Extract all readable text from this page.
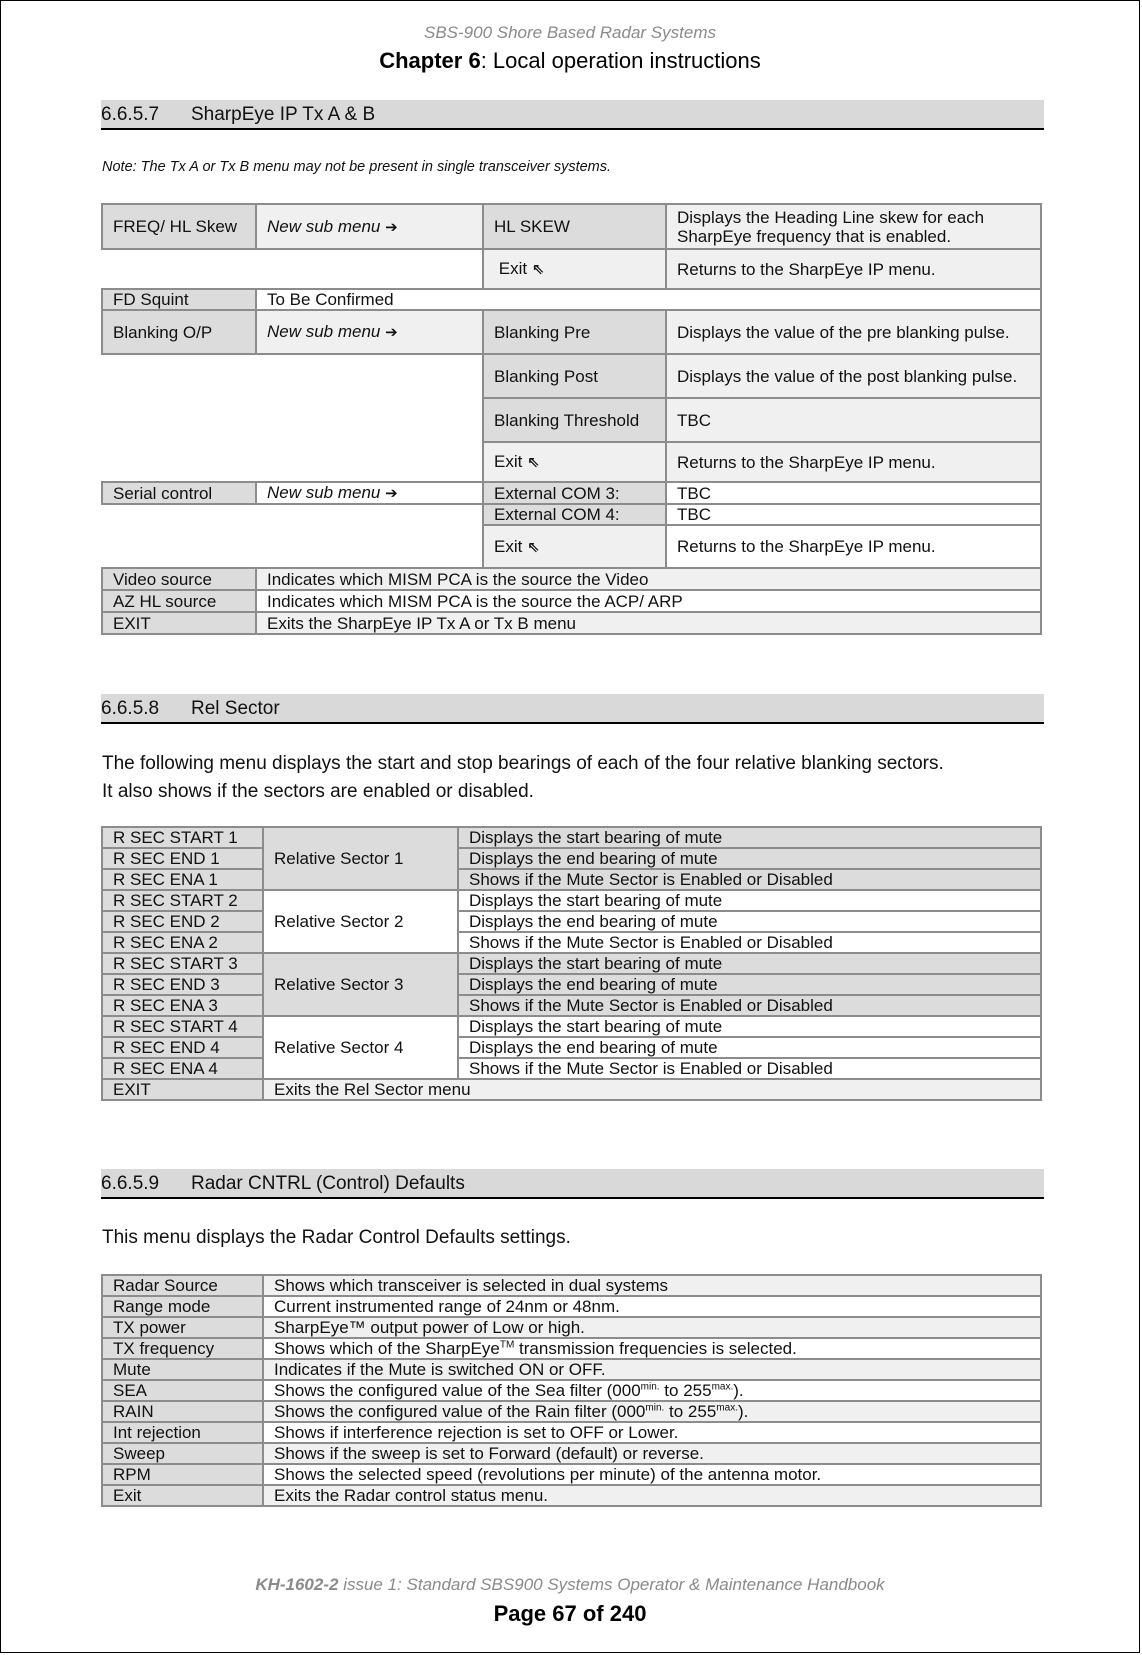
SBS-900 Shore Based Radar Systems
Chapter 6: Local operation instructions
6.6.5.7 SharpEye IP Tx A & B
Note: The Tx A or Tx B menu may not be present in single transceiver systems.
FREQ/ HL Skew	New sub menu ➔	HL SKEW	Displays the Heading Line skew for each SharpEye frequency that is enabled.
		Exit ⇖	Returns to the SharpEye IP menu.
FD Squint	To Be Confirmed		
Blanking O/P	New sub menu ➔	Blanking Pre	Displays the value of the pre blanking pulse.
		Blanking Post	Displays the value of the post blanking pulse.
		Blanking Threshold	TBC
		Exit ⇖	Returns to the SharpEye IP menu.
Serial control	New sub menu ➔	External COM 3:	TBC
		External COM 4:	TBC
		Exit ⇖	Returns to the SharpEye IP menu.
Video source	Indicates which MISM PCA is the source the Video		
AZ HL source	Indicates which MISM PCA is the source the ACP/ ARP		
EXIT	Exits the SharpEye IP Tx A or Tx B menu		
6.6.5.8 Rel Sector
The following menu displays the start and stop bearings of each of the four relative blanking sectors.
It also shows if the sectors are enabled or disabled.
R SEC START 1	Relative Sector 1	Displays the start bearing of mute
R SEC END 1		Displays the end bearing of mute
R SEC ENA 1		Shows if the Mute Sector is Enabled or Disabled
R SEC START 2	Relative Sector 2	Displays the start bearing of mute
R SEC END 2		Displays the end bearing of mute
R SEC ENA 2		Shows if the Mute Sector is Enabled or Disabled
R SEC START 3	Relative Sector 3	Displays the start bearing of mute
R SEC END 3		Displays the end bearing of mute
R SEC ENA 3		Shows if the Mute Sector is Enabled or Disabled
R SEC START 4	Relative Sector 4	Displays the start bearing of mute
R SEC END 4		Displays the end bearing of mute
R SEC ENA 4		Shows if the Mute Sector is Enabled or Disabled
EXIT	Exits the Rel Sector menu	
6.6.5.9 Radar CNTRL (Control) Defaults
This menu displays the Radar Control Defaults settings.
Radar Source	Shows which transceiver is selected in dual systems
Range mode	Current instrumented range of 24nm or 48nm.
TX power	SharpEye™ output power of Low or high.
TX frequency	Shows which of the SharpEye™ transmission frequencies is selected.
Mute	Indicates if the Mute is switched ON or OFF.
SEA	Shows the configured value of the Sea filter ($000^{min.}$ to $255^{max.}$).
RAIN	Shows the configured value of the Rain filter ($000^{min.}$ to $255^{max.}$).
Int rejection	Shows if interference rejection is set to OFF or Lower.
Sweep	Shows if the sweep is set to Forward (default) or reverse.
RPM	Shows the selected speed (revolutions per minute) of the antenna motor.
Exit	Exits the Radar control status menu.
KH-1602-2 issue 1: Standard SBS900 Systems Operator & Maintenance Handbook
Page 67 of 240
